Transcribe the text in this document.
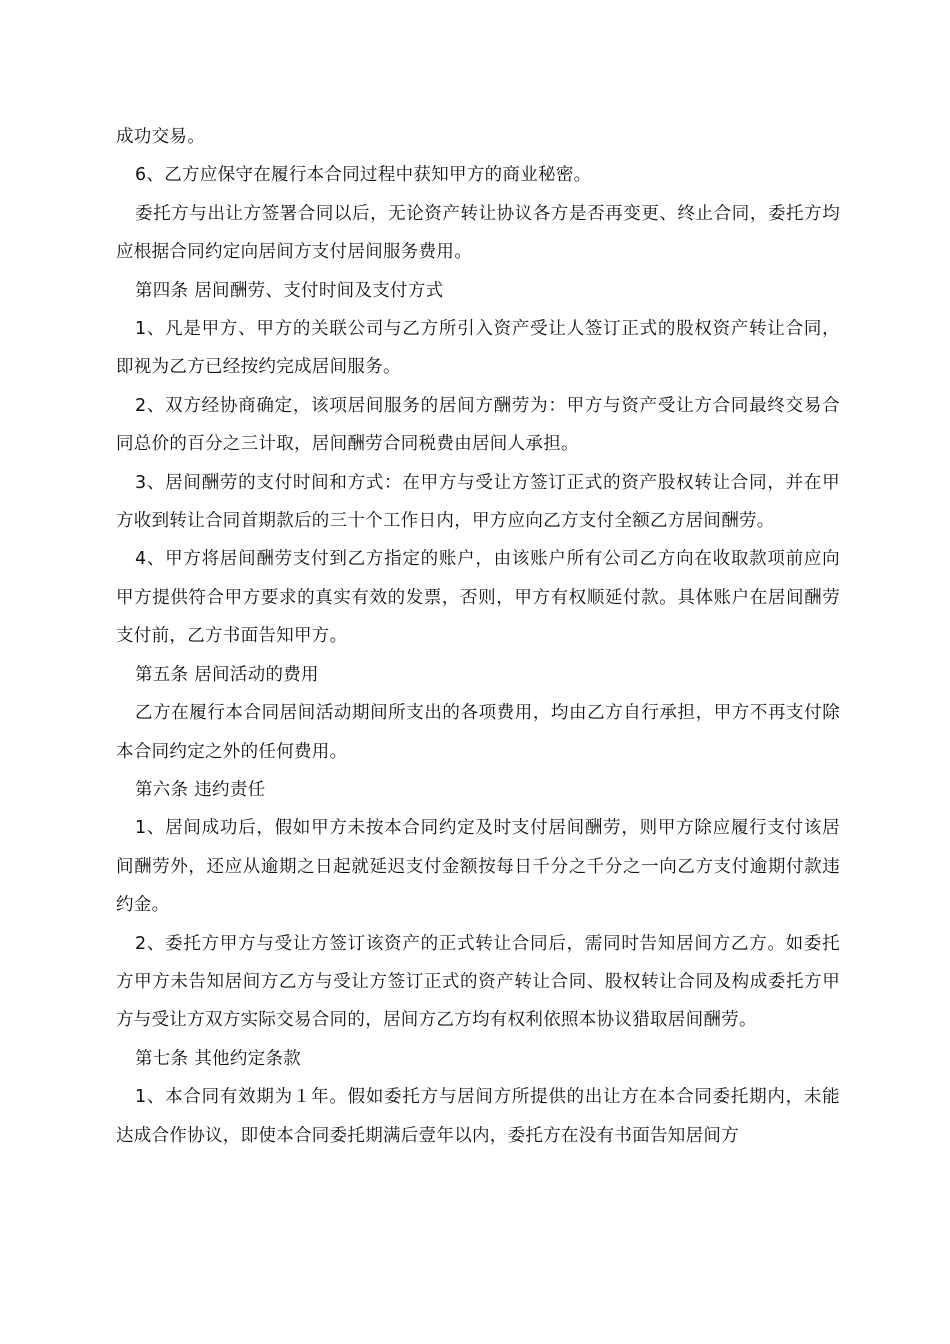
成功交易。

6、乙方应保守在履行本合同过程中获知甲方的商业秘密。

委托方与出让方签署合同以后，无论资产转让协议各方是否再变更、终止合同，委托方均应根据合同约定向居间方支付居间服务费用。

第四条 居间酬劳、支付时间及支付方式

1、凡是甲方、甲方的关联公司与乙方所引入资产受让人签订正式的股权资产转让合同，即视为乙方已经按约完成居间服务。

2、双方经协商确定，该项居间服务的居间方酬劳为：甲方与资产受让方合同最终交易合同总价的百分之三计取，居间酬劳合同税费由居间人承担。

3、居间酬劳的支付时间和方式：在甲方与受让方签订正式的资产股权转让合同，并在甲方收到转让合同首期款后的三十个工作日内，甲方应向乙方支付全额乙方居间酬劳。

4、甲方将居间酬劳支付到乙方指定的账户，由该账户所有公司乙方向在收取款项前应向甲方提供符合甲方要求的真实有效的发票，否则，甲方有权顺延付款。具体账户在居间酬劳支付前，乙方书面告知甲方。

第五条 居间活动的费用

乙方在履行本合同居间活动期间所支出的各项费用，均由乙方自行承担，甲方不再支付除本合同约定之外的任何费用。

第六条 违约责任

1、居间成功后，假如甲方未按本合同约定及时支付居间酬劳，则甲方除应履行支付该居间酬劳外，还应从逾期之日起就延迟支付金额按每日千分之千分之一向乙方支付逾期付款违约金。

2、委托方甲方与受让方签订该资产的正式转让合同后，需同时告知居间方乙方。如委托方甲方未告知居间方乙方与受让方签订正式的资产转让合同、股权转让合同及构成委托方甲方与受让方双方实际交易合同的，居间方乙方均有权利依照本协议猎取居间酬劳。

第七条 其他约定条款

1、本合同有效期为１年。假如委托方与居间方所提供的出让方在本合同委托期内，未能达成合作协议，即使本合同委托期满后壹年以内，委托方在没有书面告知居间方
